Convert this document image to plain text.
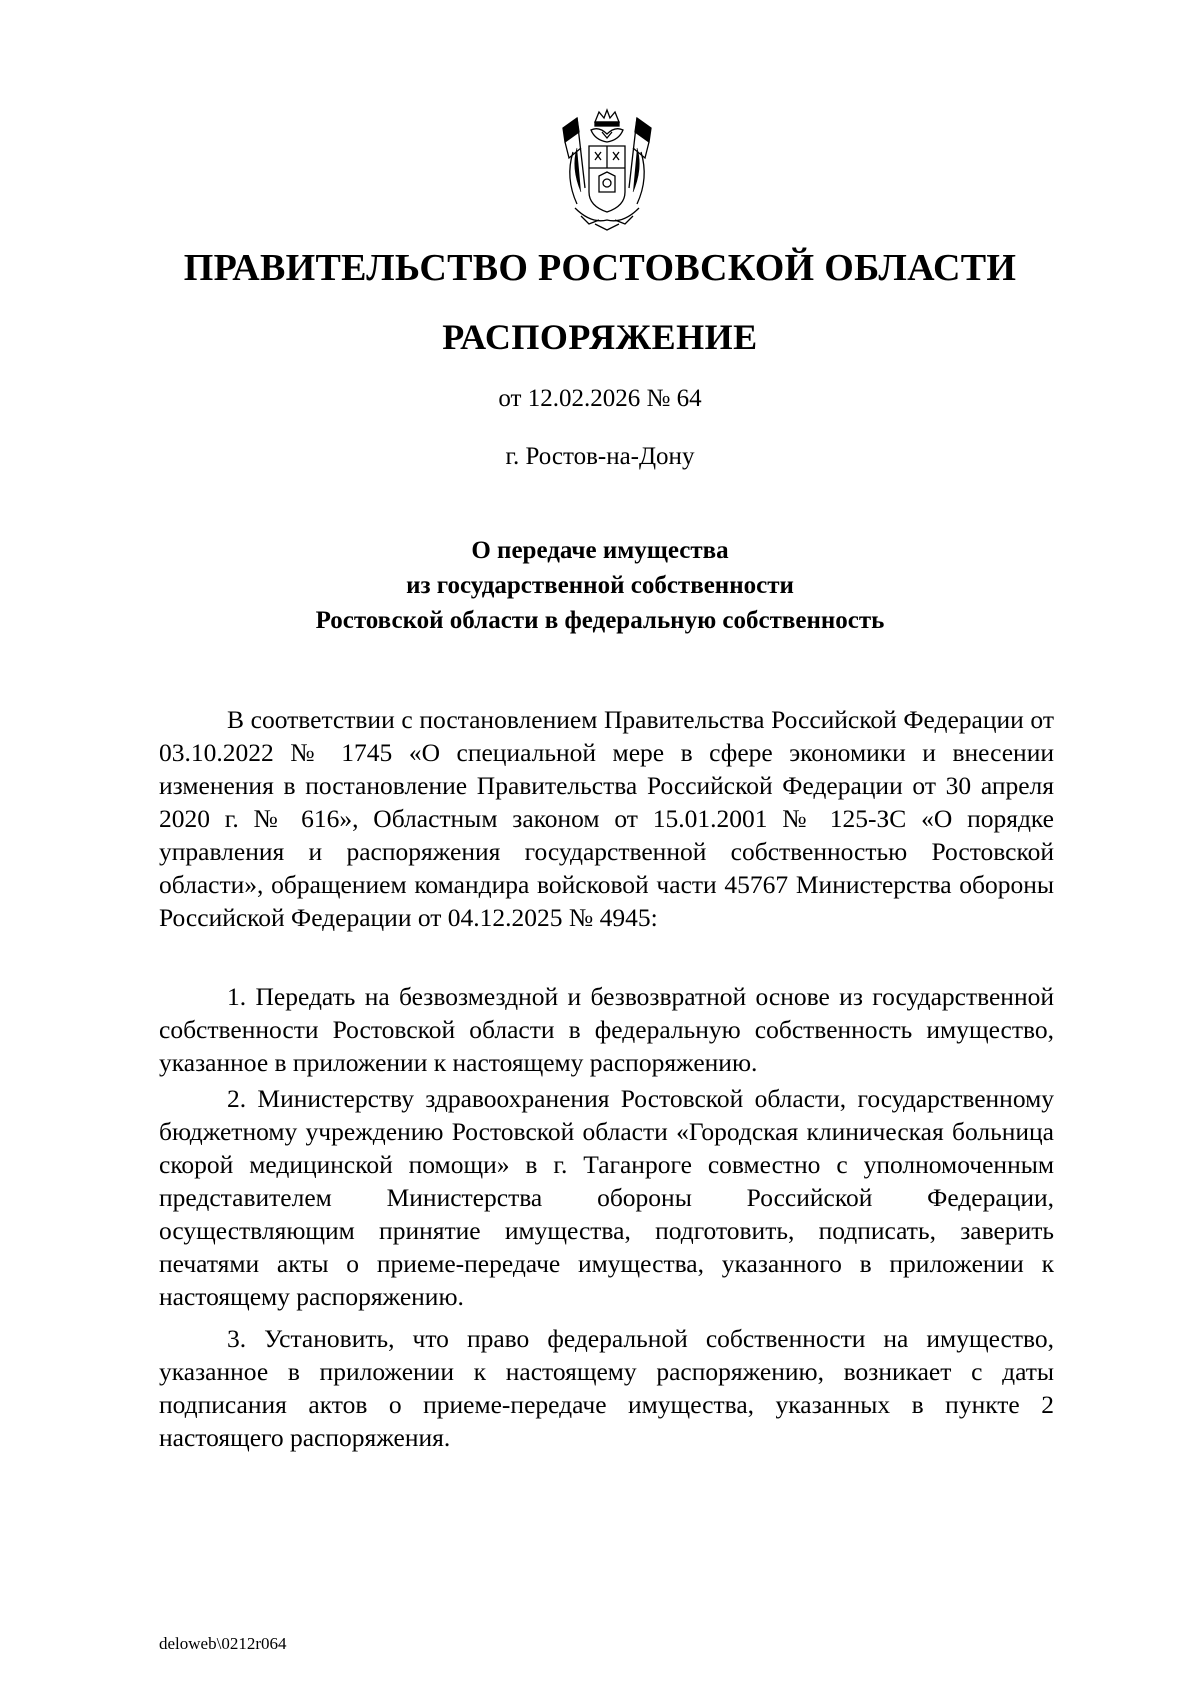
ПРАВИТЕЛЬСТВО РОСТОВСКОЙ ОБЛАСТИ
РАСПОРЯЖЕНИЕ
от 12.02.2026 № 64
г. Ростов-на-Дону
О передаче имущества
из государственной собственности
Ростовской области в федеральную собственность

В соответствии с постановлением Правительства Российской Федерации от 03.10.2022 № 1745 «О специальной мере в сфере экономики и внесении изменения в постановление Правительства Российской Федерации от 30 апреля 2020 г. № 616», Областным законом от 15.01.2001 № 125-ЗС «О порядке управления и распоряжения государственной собственностью Ростовской области», обращением командира войсковой части 45767 Министерства обороны Российской Федерации от 04.12.2025 № 4945:

1. Передать на безвозмездной и безвозвратной основе из государственной собственности Ростовской области в федеральную собственность имущество, указанное в приложении к настоящему распоряжению.

2. Министерству здравоохранения Ростовской области, государственному бюджетному учреждению Ростовской области «Городская клиническая больница скорой медицинской помощи» в г. Таганроге совместно с уполномоченным представителем Министерства обороны Российской Федерации, осуществляющим принятие имущества, подготовить, подписать, заверить печатями акты о приеме-передаче имущества, указанного в приложении к настоящему распоряжению.

3. Установить, что право федеральной собственности на имущество, указанное в приложении к настоящему распоряжению, возникает с даты подписания актов о приеме-передаче имущества, указанных в пункте 2 настоящего распоряжения.

deloweb\0212r064
